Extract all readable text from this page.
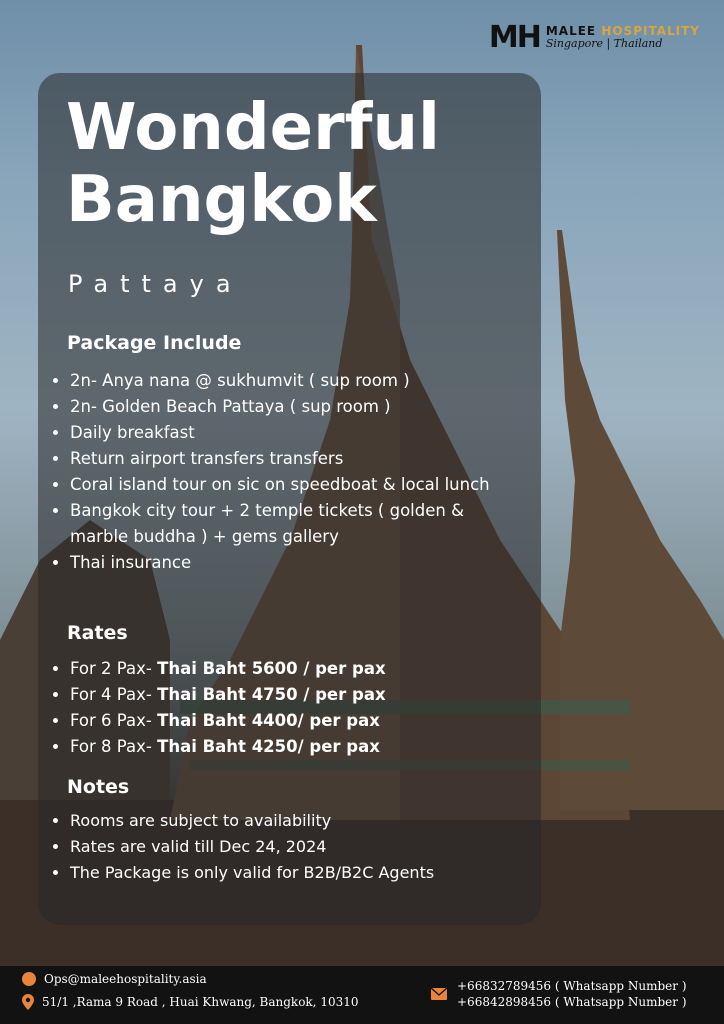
MH MALEE HOSPITALITY
Singapore | Thailand
Wonderful
Bangkok
Pattaya
Package Include
• 2n- Anya nana @ sukhumvit ( sup room )
• 2n- Golden Beach Pattaya ( sup room )
• Daily breakfast
• Return airport transfers transfers
• Coral island tour on sic on speedboat & local lunch
• Bangkok city tour + 2 temple tickets ( golden & marble buddha ) + gems gallery
• Thai insurance
Rates
• For 2 Pax- Thai Baht 5600 / per pax
• For 4 Pax- Thai Baht 4750 / per pax
• For 6 Pax- Thai Baht 4400/ per pax
• For 8 Pax- Thai Baht 4250/ per pax
Notes
• Rooms are subject to availability
• Rates are valid till Dec 24, 2024
• The Package is only valid for B2B/B2C Agents
Ops@maleehospitality.asia
51/1 ,Rama 9 Road , Huai Khwang, Bangkok, 10310
+66832789456 ( Whatsapp Number )
+66842898456 ( Whatsapp Number )
